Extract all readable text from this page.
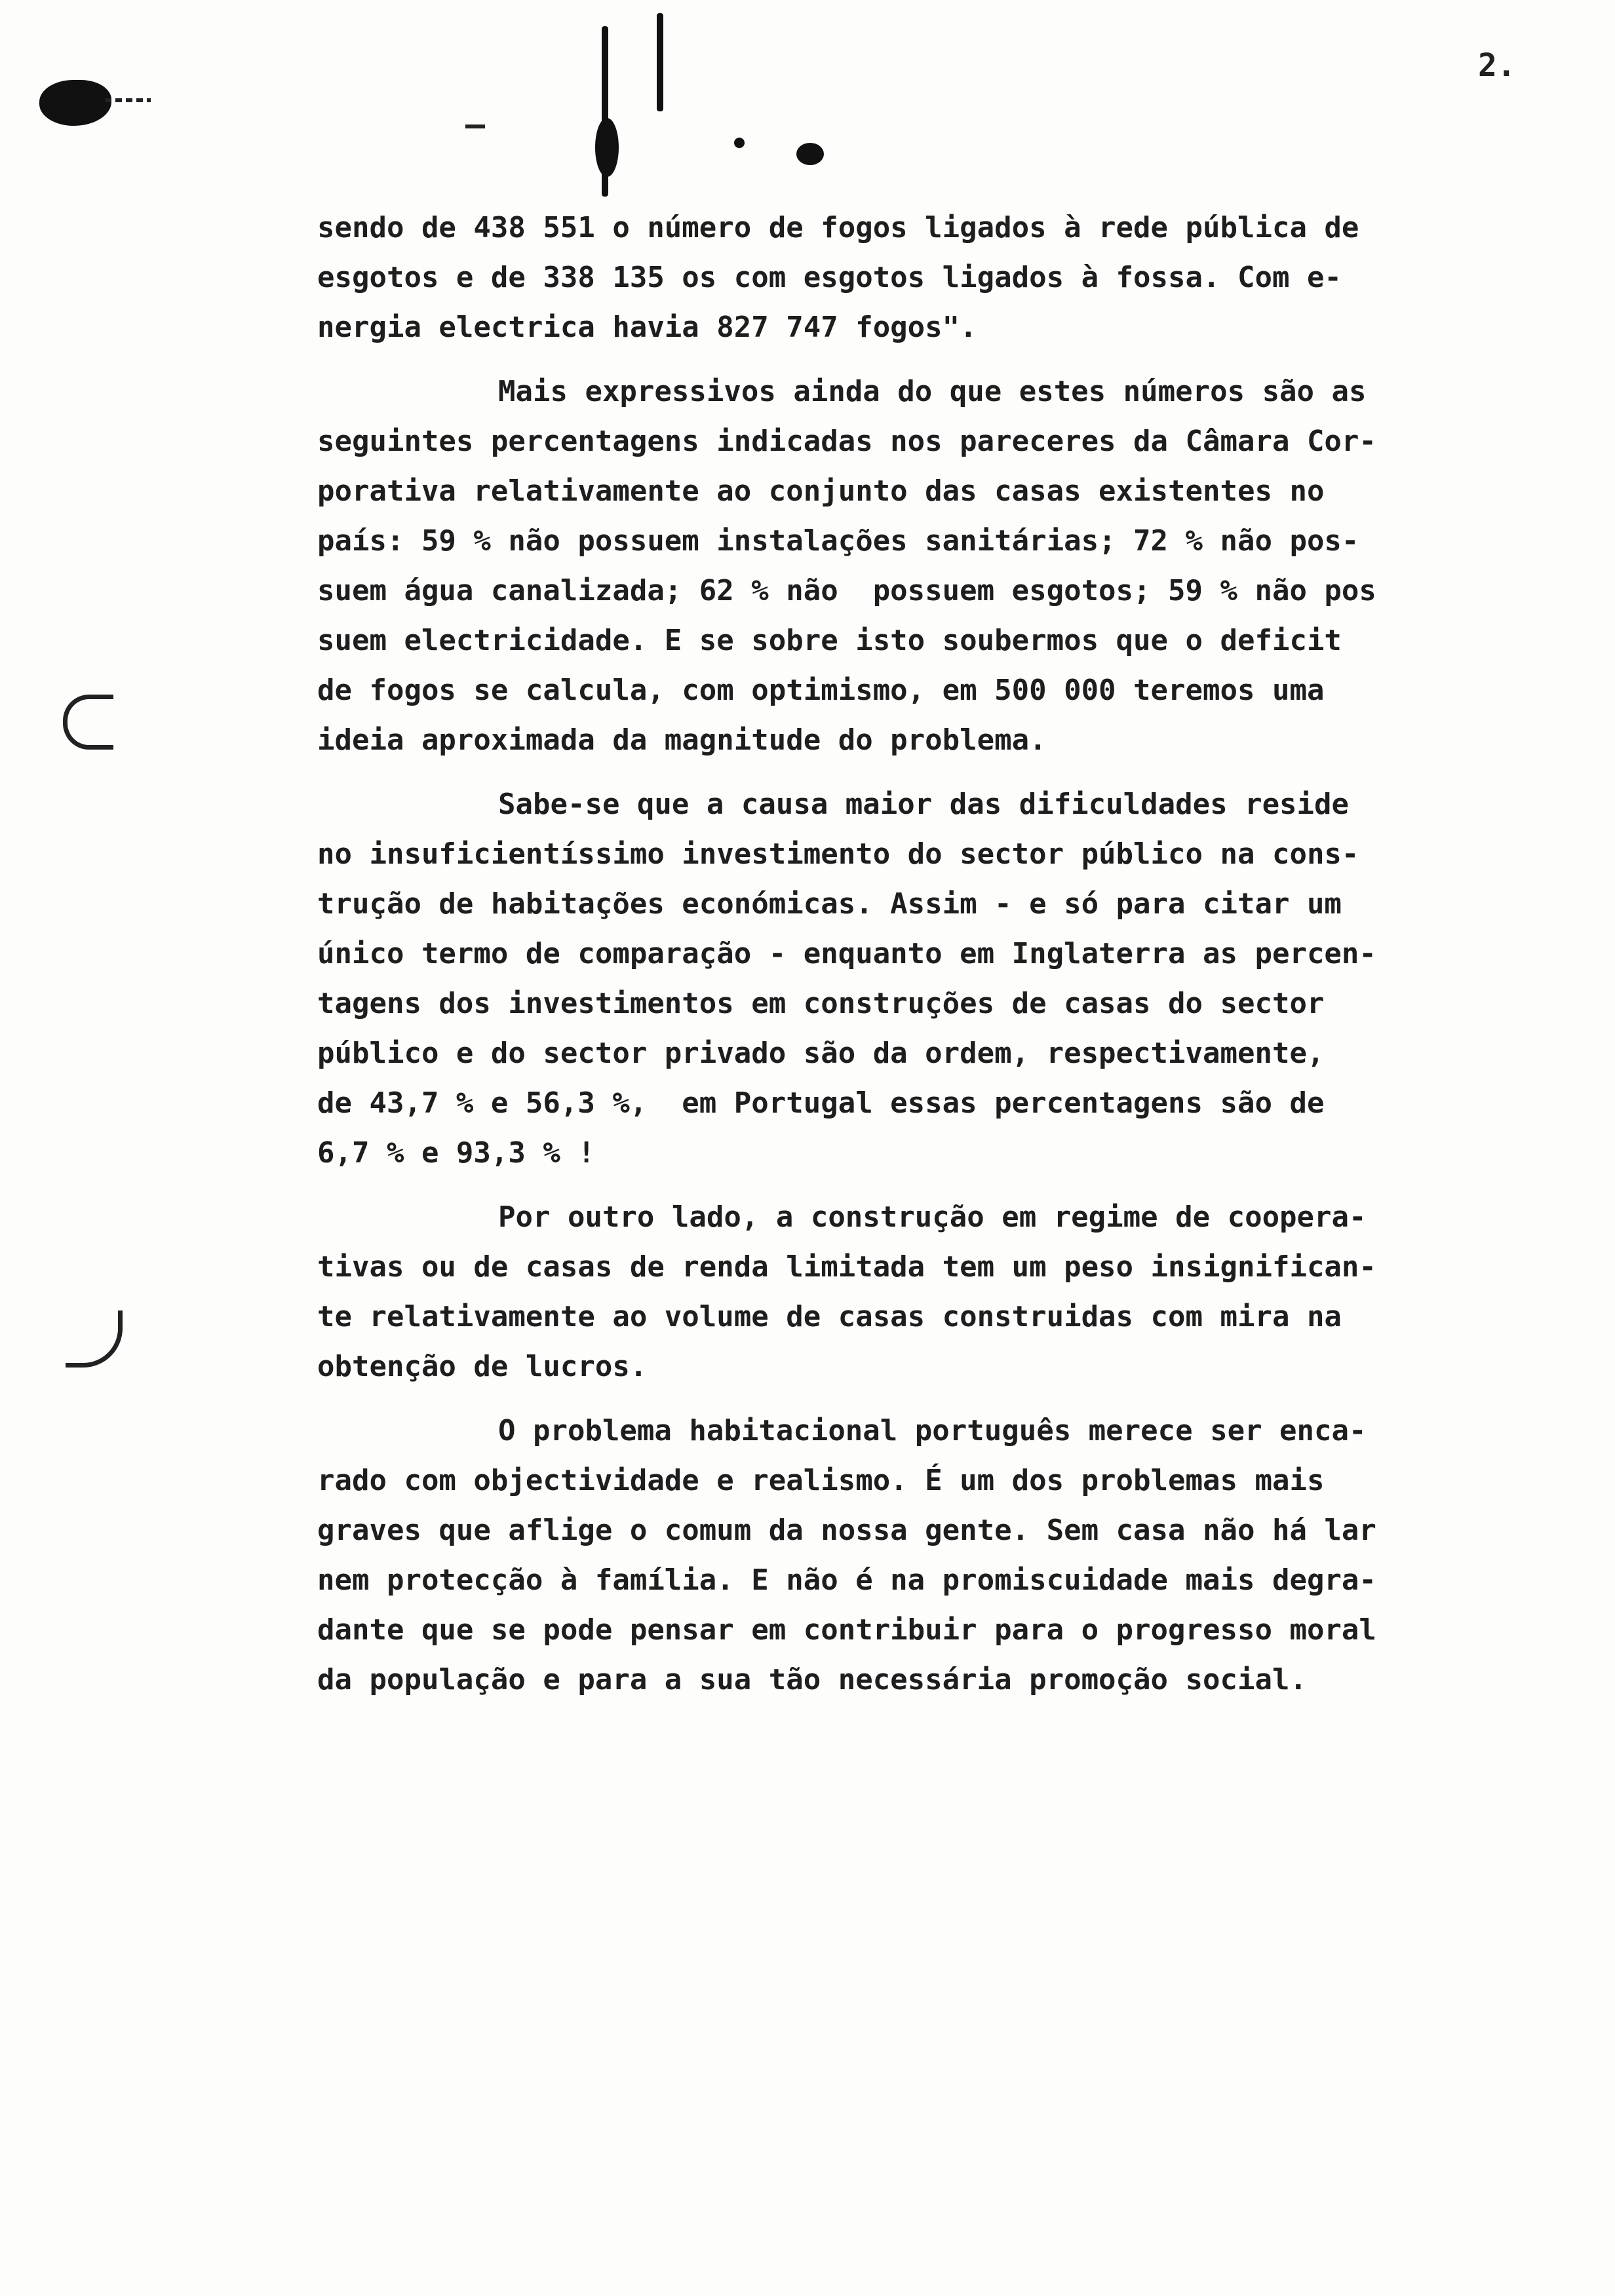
2.
sendo de 438 551 o número de fogos ligados à rede pública de
esgotos e de 338 135 os com esgotos ligados à fossa. Com e-
nergia electrica havia 827 747 fogos".
Mais expressivos ainda do que estes números são as
seguintes percentagens indicadas nos pareceres da Câmara Cor-
porativa relativamente ao conjunto das casas existentes no
país: 59 % não possuem instalações sanitárias; 72 % não pos-
suem água canalizada; 62 % não  possuem esgotos; 59 % não pos
suem electricidade. E se sobre isto soubermos que o deficit
de fogos se calcula, com optimismo, em 500 000 teremos uma
ideia aproximada da magnitude do problema.
Sabe-se que a causa maior das dificuldades reside
no insuficientíssimo investimento do sector público na cons-
trução de habitações económicas. Assim - e só para citar um
único termo de comparação - enquanto em Inglaterra as percen-
tagens dos investimentos em construções de casas do sector
público e do sector privado são da ordem, respectivamente,
de 43,7 % e 56,3 %,  em Portugal essas percentagens são de
6,7 % e 93,3 % !
Por outro lado, a construção em regime de coopera-
tivas ou de casas de renda limitada tem um peso insignifican-
te relativamente ao volume de casas construidas com mira na
obtenção de lucros.
O problema habitacional português merece ser enca-
rado com objectividade e realismo. É um dos problemas mais
graves que aflige o comum da nossa gente. Sem casa não há lar
nem protecção à família. E não é na promiscuidade mais degra-
dante que se pode pensar em contribuir para o progresso moral
da população e para a sua tão necessária promoção social.
